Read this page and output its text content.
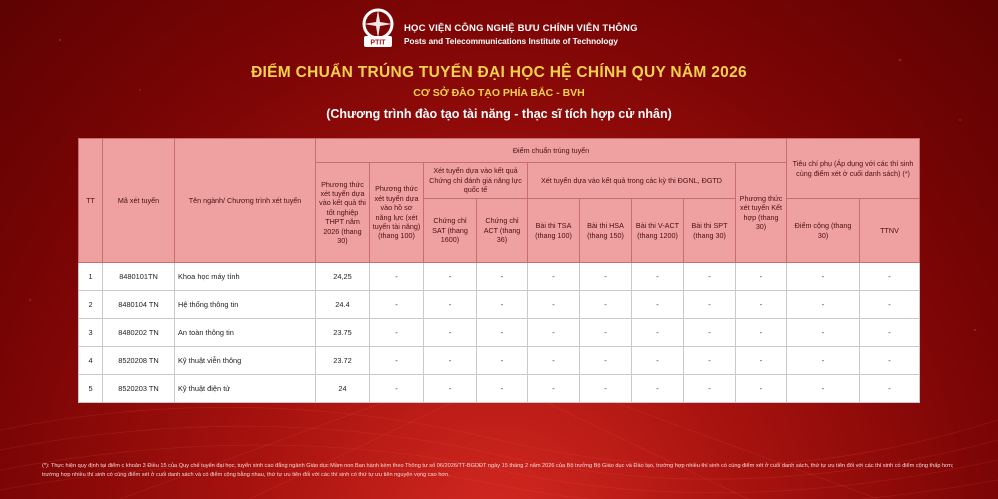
PTIT
HỌC VIỆN CÔNG NGHỆ BƯU CHÍNH VIỄN THÔNG
Posts and Telecommunications Institute of Technology
ĐIỂM CHUẨN TRÚNG TUYỂN ĐẠI HỌC HỆ CHÍNH QUY NĂM 2026
CƠ SỞ ĐÀO TẠO PHÍA BẮC - BVH
(Chương trình đào tạo tài năng - thạc sĩ tích hợp cử nhân)
TT	Mã xét tuyển	Tên ngành/ Chương trình xét tuyển	Điểm chuẩn trúng tuyển									Tiêu chí phụ (Áp dụng với các thí sinh cùng điểm xét ở cuối danh sách) (*)	
			Phương thức xét tuyển dựa vào kết quả thi tốt nghiệp THPT năm 2026 (thang 30)	Phương thức xét tuyển dựa vào hồ sơ năng lực (xét tuyển tài năng) (thang 100)	Xét tuyển dựa vào kết quả Chứng chỉ đánh giá năng lực quốc tế		Xét tuyển dựa vào kết quả trong các kỳ thi ĐGNL, ĐGTD				Phương thức xét tuyển Kết hợp (thang 30)		
					Chứng chỉ SAT (thang 1600)	Chứng chỉ ACT (thang 36)	Bài thi TSA (thang 100)	Bài thi HSA (thang 150)	Bài thi V-ACT (thang 1200)	Bài thi SPT (thang 30)		Điểm cộng (thang 30)	TTNV
1	8480101TN	Khoa học máy tính	24,25	-	-	-	-	-	-	-	-	-	-
2	8480104 TN	Hệ thống thông tin	24.4	-	-	-	-	-	-	-	-	-	-
3	8480202 TN	An toàn thông tin	23.75	-	-	-	-	-	-	-	-	-	-
4	8520208 TN	Kỹ thuật viễn thông	23.72	-	-	-	-	-	-	-	-	-	-
5	8520203 TN	Kỹ thuật điện tử	24	-	-	-	-	-	-	-	-	-	-
(*): Thực hiện quy định tại điểm c khoản 3 Điều 15 của Quy chế tuyển đại học, tuyển sinh cao đẳng ngành Giáo dục Mầm non Ban hành kèm theo Thông tư số 06/2026/TT-BGDĐT ngày 15 tháng 2 năm 2026 của Bộ trưởng Bộ Giáo dục và Đào tạo, trường hợp nhiều thí sinh có cùng điểm xét ở cuối danh sách, thứ tự ưu tiên đối với các thí sinh có điểm cộng thấp hơn; trường hợp nhiều thí sinh có cùng điểm xét ở cuối danh sách và có điểm cộng bằng nhau, thứ tự ưu tiên đối với các thí sinh có thứ tự ưu tiên nguyện vọng cao hơn.
